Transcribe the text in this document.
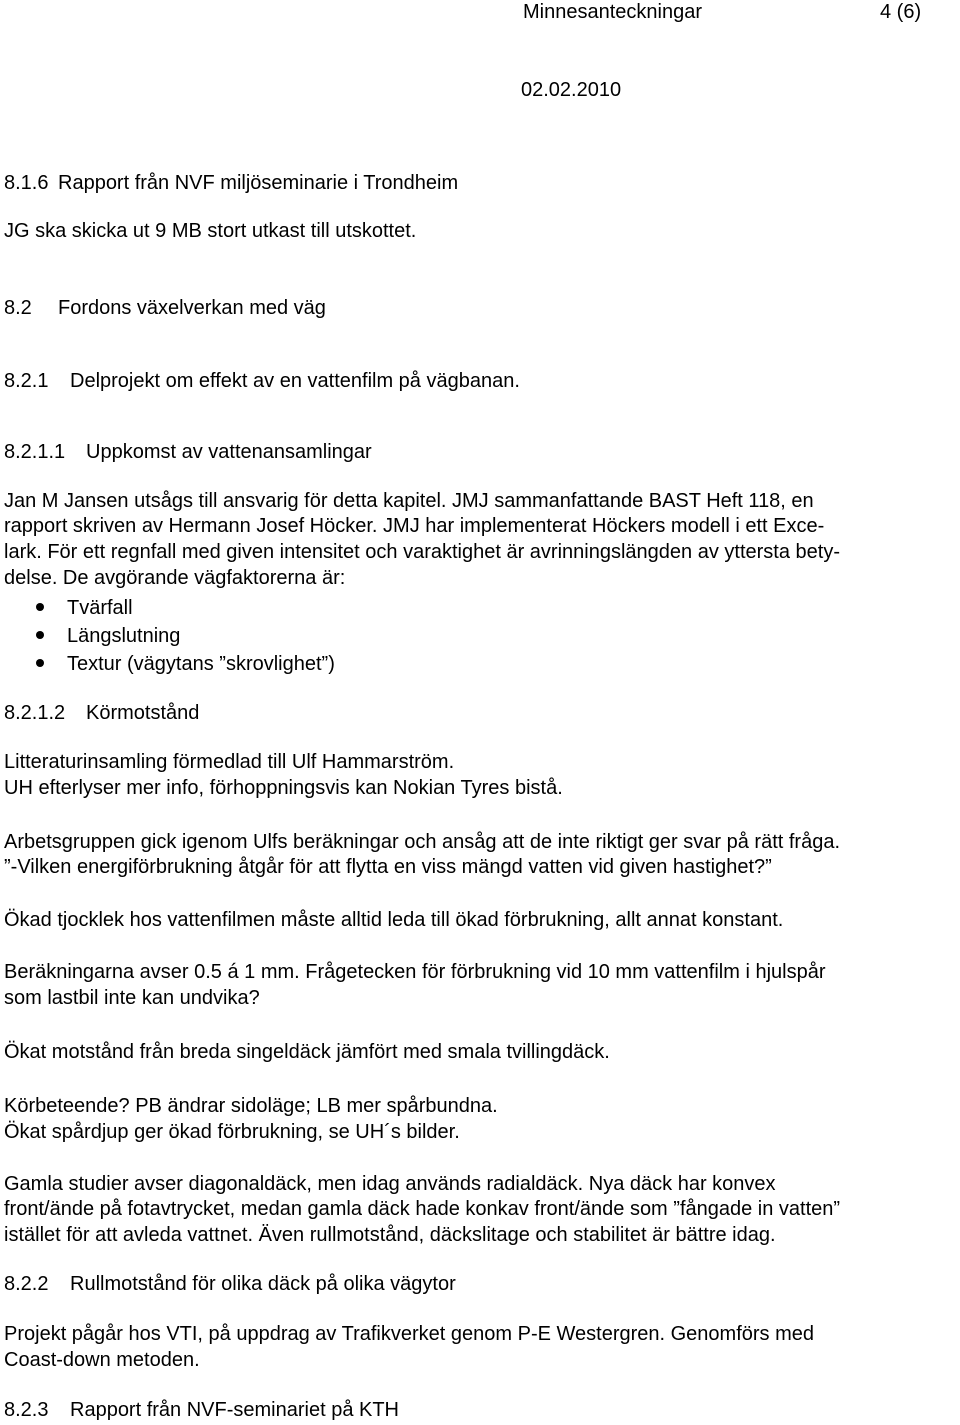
Minnesanteckningar	4 (6)
02.02.2010
8.1.6 Rapport från NVF miljöseminarie i Trondheim
JG ska skicka ut 9 MB stort utkast till utskottet.
8.2 Fordons växelverkan med väg
8.2.1 Delprojekt om effekt av en vattenfilm på vägbanan.
8.2.1.1 Uppkomst av vattenansamlingar
Jan M Jansen utsågs till ansvarig för detta kapitel. JMJ sammanfattande BAST Heft 118, en
rapport skriven av Hermann Josef Höcker. JMJ har implementerat Höckers modell i ett Exce-
lark. För ett regnfall med given intensitet och varaktighet är avrinningslängden av yttersta bety-
delse. De avgörande vägfaktorerna är:
Tvärfall
Längslutning
Textur (vägytans ”skrovlighet”)
8.2.1.2 Körmotstånd
Litteraturinsamling förmedlad till Ulf Hammarström.
UH efterlyser mer info, förhoppningsvis kan Nokian Tyres bistå.
Arbetsgruppen gick igenom Ulfs beräkningar och ansåg att de inte riktigt ger svar på rätt fråga.
”-Vilken energiförbrukning åtgår för att flytta en viss mängd vatten vid given hastighet?”
Ökad tjocklek hos vattenfilmen måste alltid leda till ökad förbrukning, allt annat konstant.
Beräkningarna avser 0.5 á 1 mm. Frågetecken för förbrukning vid 10 mm vattenfilm i hjulspår
som lastbil inte kan undvika?
Ökat motstånd från breda singeldäck jämfört med smala tvillingdäck.
Körbeteende? PB ändrar sidoläge; LB mer spårbundna.
Ökat spårdjup ger ökad förbrukning, se UH´s bilder.
Gamla studier avser diagonaldäck, men idag används radialdäck. Nya däck har konvex
front/ände på fotavtrycket, medan gamla däck hade konkav front/ände som ”fångade in vatten”
istället för att avleda vattnet. Även rullmotstånd, däckslitage och stabilitet är bättre idag.
8.2.2 Rullmotstånd för olika däck på olika vägytor
Projekt pågår hos VTI, på uppdrag av Trafikverket genom P-E Westergren. Genomförs med
Coast-down metoden.
8.2.3 Rapport från NVF-seminariet på KTH
